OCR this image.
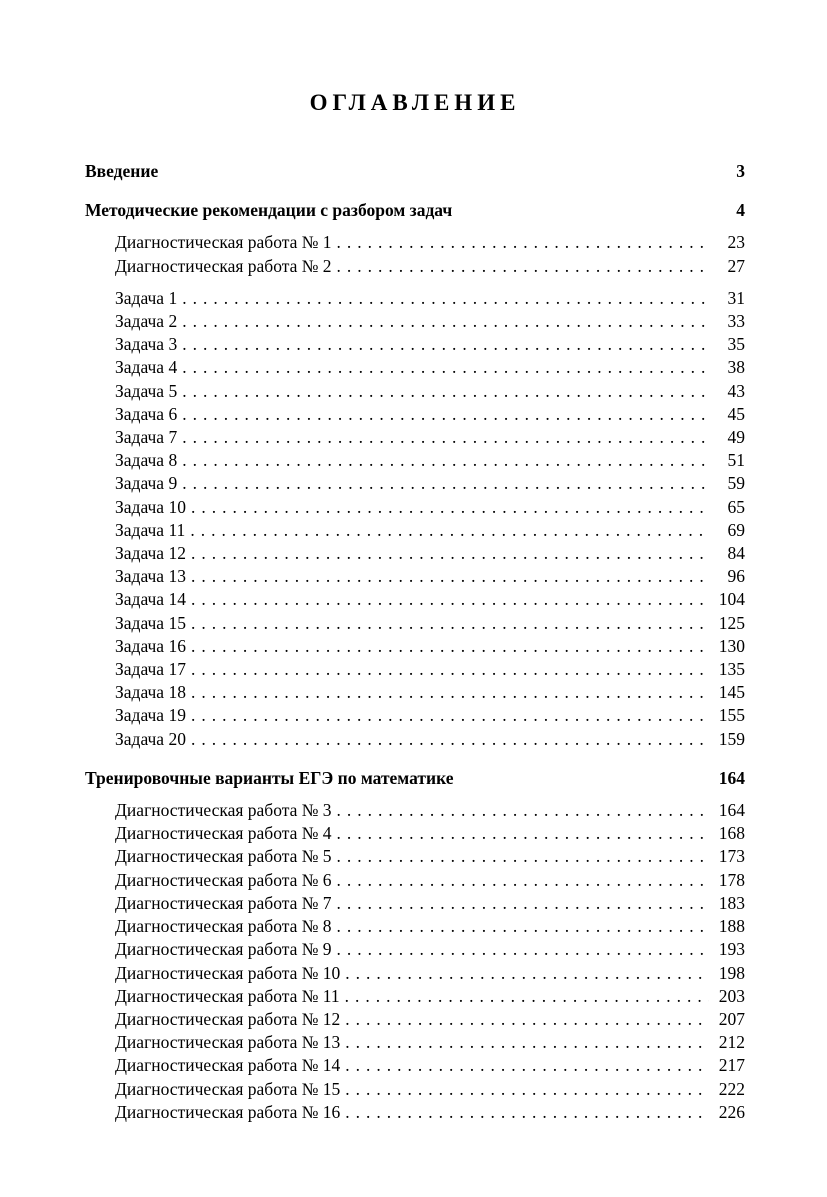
ОГЛАВЛЕНИЕ
Введение	3
Методические рекомендации с разбором задач	4
Диагностическая работа № 1 .....	23
Диагностическая работа № 2 .....	27
Задача 1 .....	31
Задача 2 .....	33
Задача 3 .....	35
Задача 4 .....	38
Задача 5 .....	43
Задача 6 .....	45
Задача 7 .....	49
Задача 8 .....	51
Задача 9 .....	59
Задача 10 .....	65
Задача 11 .....	69
Задача 12 .....	84
Задача 13 .....	96
Задача 14 .....	104
Задача 15 .....	125
Задача 16 .....	130
Задача 17 .....	135
Задача 18 .....	145
Задача 19 .....	155
Задача 20 .....	159
Тренировочные варианты ЕГЭ по математике	164
Диагностическая работа № 3 .....	164
Диагностическая работа № 4 .....	168
Диагностическая работа № 5 .....	173
Диагностическая работа № 6 .....	178
Диагностическая работа № 7 .....	183
Диагностическая работа № 8 .....	188
Диагностическая работа № 9 .....	193
Диагностическая работа № 10 .....	198
Диагностическая работа № 11 .....	203
Диагностическая работа № 12 .....	207
Диагностическая работа № 13 .....	212
Диагностическая работа № 14 .....	217
Диагностическая работа № 15 .....	222
Диагностическая работа № 16 .....	226
